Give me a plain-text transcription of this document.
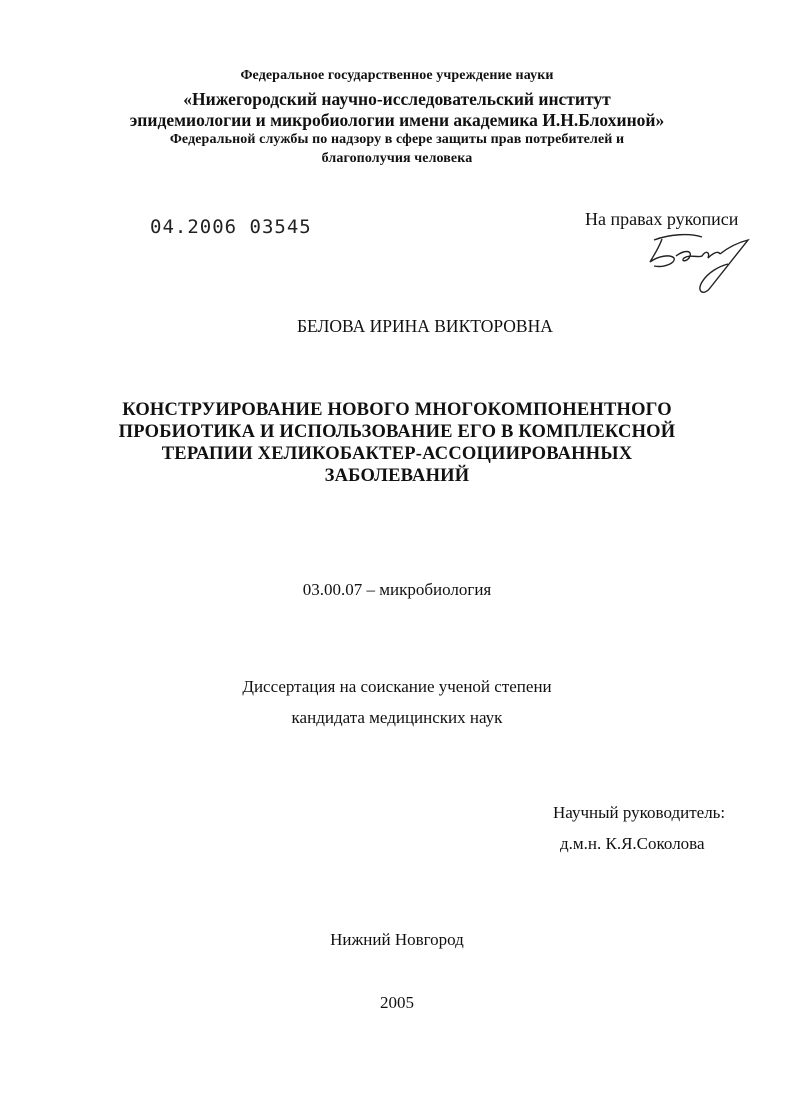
Федеральное государственное учреждение науки
«Нижегородский научно-исследовательский институт
эпидемиологии и микробиологии имени академика И.Н.Блохиной»
Федеральной службы по надзору в сфере защиты прав потребителей и
благополучия человека
04.2006 03545	На правах рукописи
БЕЛОВА ИРИНА ВИКТОРОВНА
КОНСТРУИРОВАНИЕ НОВОГО МНОГОКОМПОНЕНТНОГО
ПРОБИОТИКА И ИСПОЛЬЗОВАНИЕ ЕГО В КОМПЛЕКСНОЙ
ТЕРАПИИ ХЕЛИКОБАКТЕР-АССОЦИИРОВАННЫХ
ЗАБОЛЕВАНИЙ
03.00.07 – микробиология
Диссертация на соискание ученой степени
кандидата медицинских наук
Научный руководитель:
д.м.н. К.Я.Соколова
Нижний Новгород
2005
